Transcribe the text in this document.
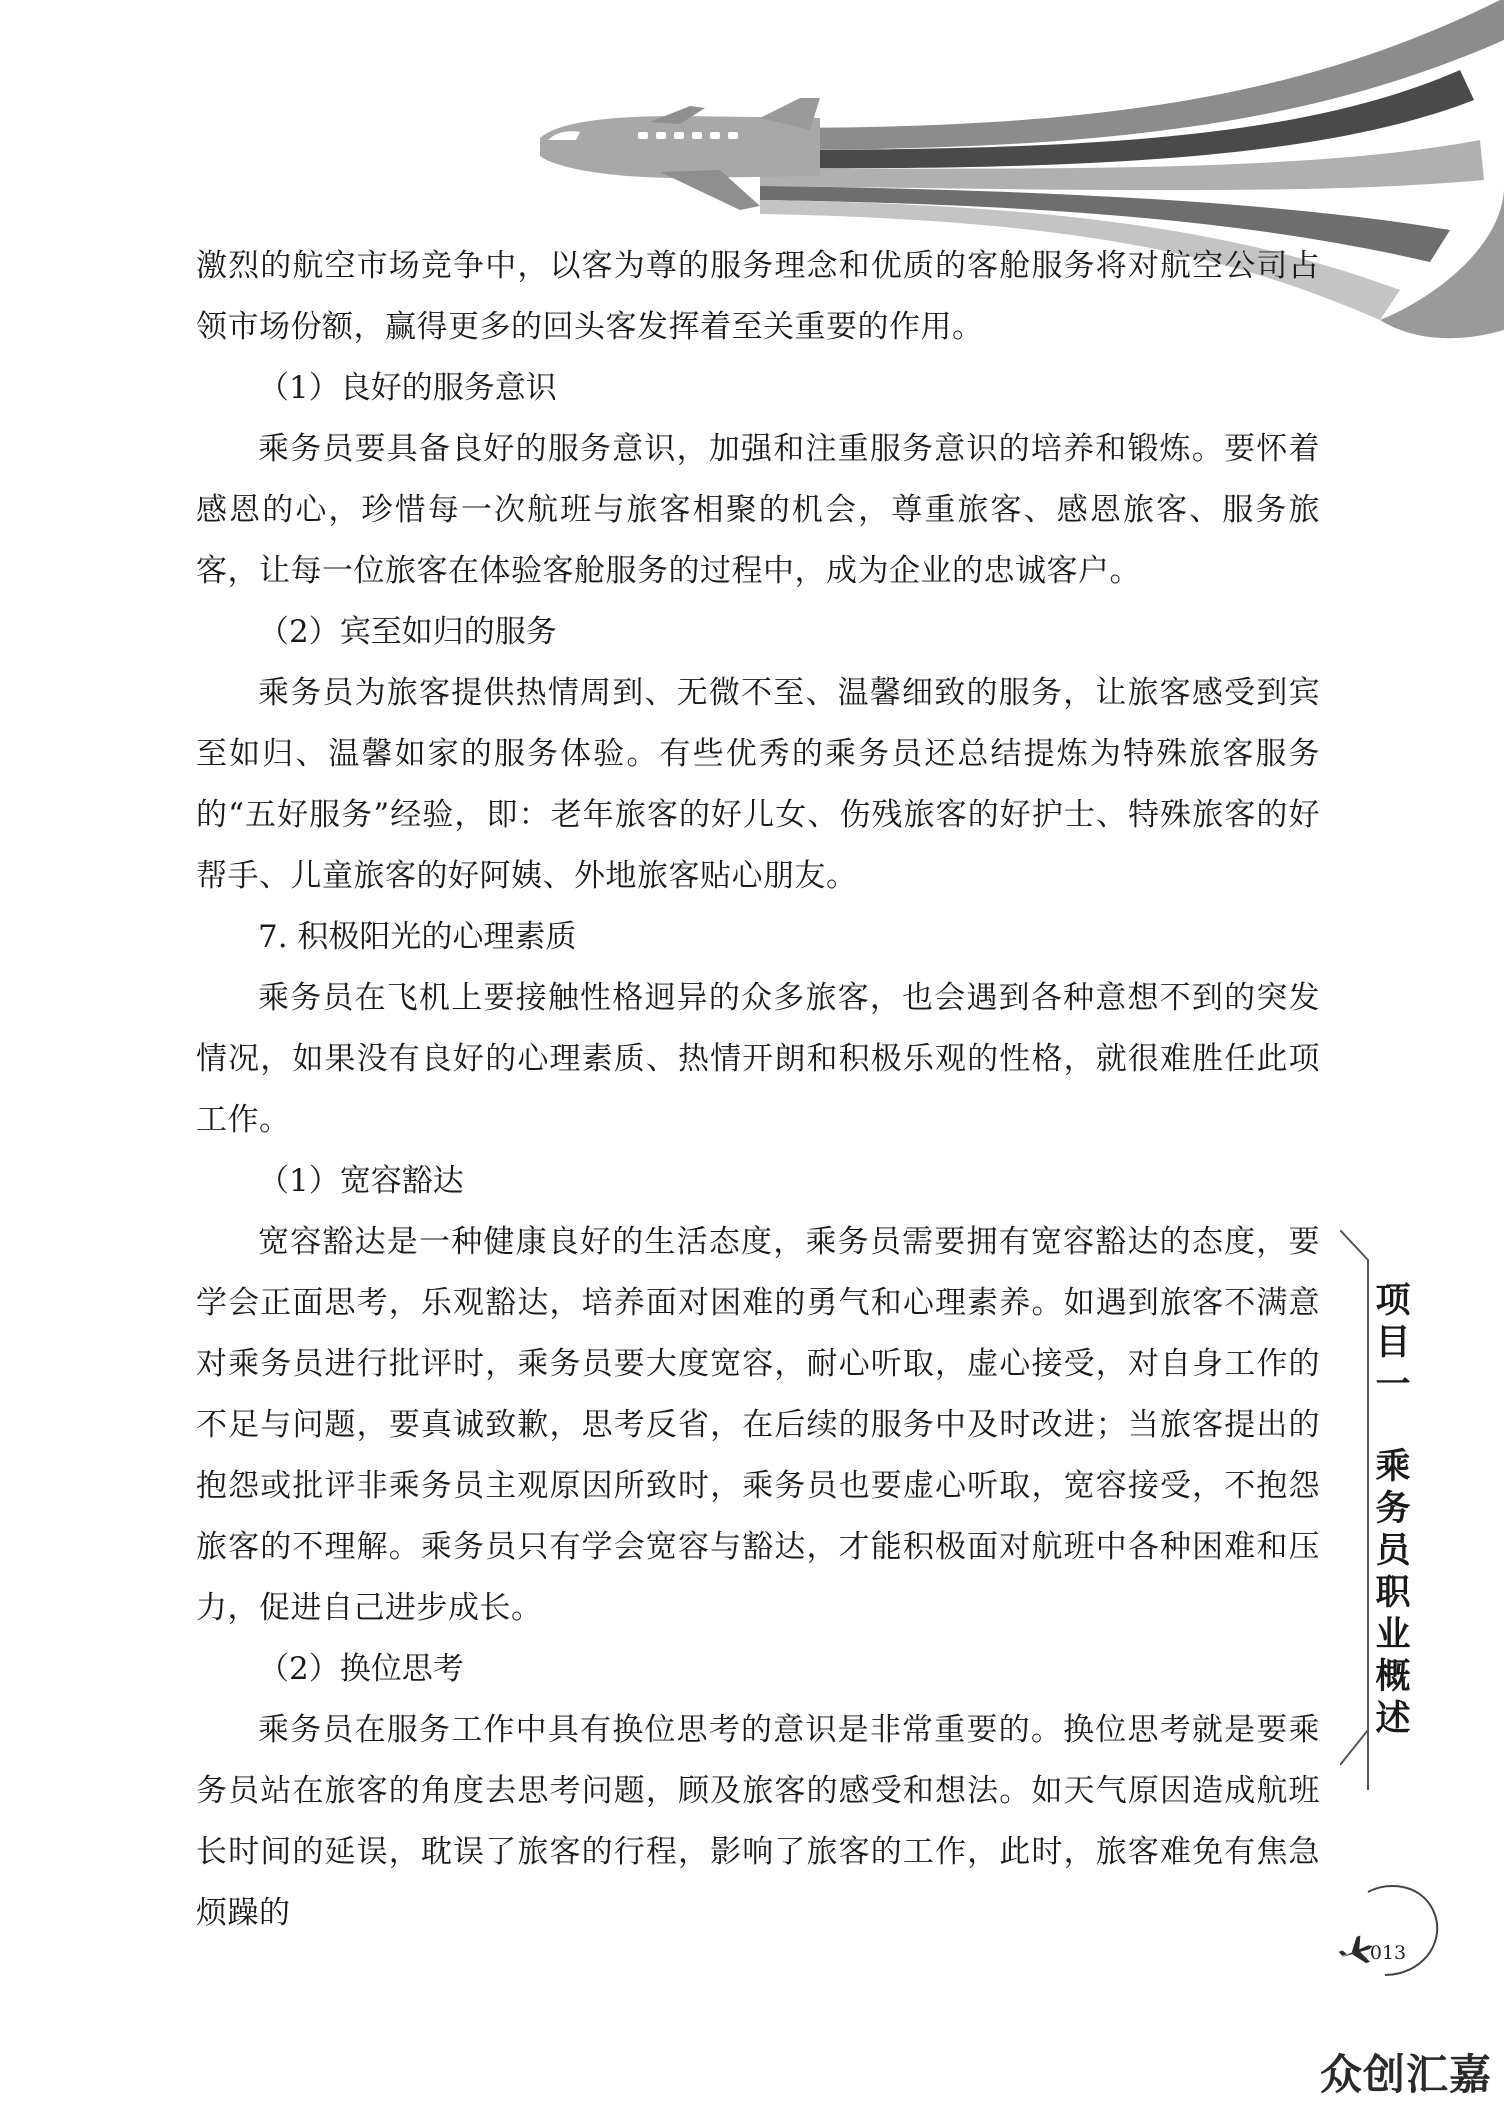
激烈的航空市场竞争中，以客为尊的服务理念和优质的客舱服务将对航空公司占领市场份额，赢得更多的回头客发挥着至关重要的作用。

（1）良好的服务意识

乘务员要具备良好的服务意识，加强和注重服务意识的培养和锻炼。要怀着感恩的心，珍惜每一次航班与旅客相聚的机会，尊重旅客、感恩旅客、服务旅客，让每一位旅客在体验客舱服务的过程中，成为企业的忠诚客户。

（2）宾至如归的服务

乘务员为旅客提供热情周到、无微不至、温馨细致的服务，让旅客感受到宾至如归、温馨如家的服务体验。有些优秀的乘务员还总结提炼为特殊旅客服务的“五好服务”经验，即：老年旅客的好儿女、伤残旅客的好护士、特殊旅客的好帮手、儿童旅客的好阿姨、外地旅客贴心朋友。

7. 积极阳光的心理素质

乘务员在飞机上要接触性格迥异的众多旅客，也会遇到各种意想不到的突发情况，如果没有良好的心理素质、热情开朗和积极乐观的性格，就很难胜任此项工作。

（1）宽容豁达

宽容豁达是一种健康良好的生活态度，乘务员需要拥有宽容豁达的态度，要学会正面思考，乐观豁达，培养面对困难的勇气和心理素养。如遇到旅客不满意对乘务员进行批评时，乘务员要大度宽容，耐心听取，虚心接受，对自身工作的不足与问题，要真诚致歉，思考反省，在后续的服务中及时改进；当旅客提出的抱怨或批评非乘务员主观原因所致时，乘务员也要虚心听取，宽容接受，不抱怨旅客的不理解。乘务员只有学会宽容与豁达，才能积极面对航班中各种困难和压力，促进自己进步成长。

（2）换位思考

乘务员在服务工作中具有换位思考的意识是非常重要的。换位思考就是要乘务员站在旅客的角度去思考问题，顾及旅客的感受和想法。如天气原因造成航班长时间的延误，耽误了旅客的行程，影响了旅客的工作，此时，旅客难免有焦急烦躁的

项
目
一
乘
务
员
职
业
概
述
013
众创汇嘉
